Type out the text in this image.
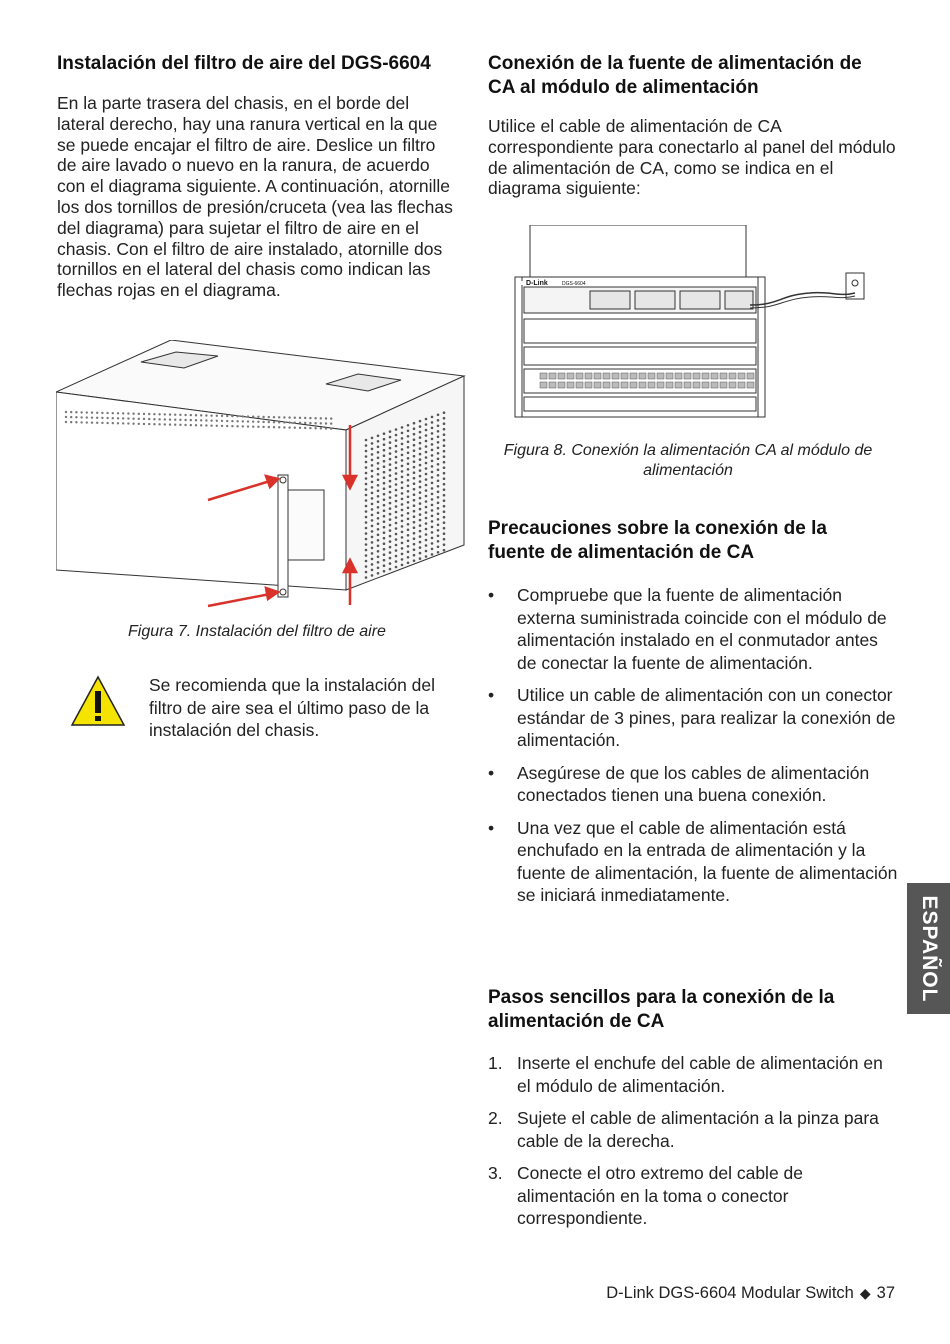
Instalación del filtro de aire del DGS-6604

En la parte trasera del chasis, en el borde del lateral derecho, hay una ranura vertical en la que se puede encajar el filtro de aire. Deslice un filtro de aire lavado o nuevo en la ranura, de acuerdo con el diagrama siguiente. A continuación, atornille los dos tornillos de presión/cruceta (vea las flechas del diagrama) para sujetar el filtro de aire en el chasis. Con el filtro de aire instalado, atornille dos tornillos en el lateral del chasis como indican las flechas rojas en el diagrama.

Figura 7. Instalación del filtro de aire

Se recomienda que la instalación del filtro de aire sea el último paso de la instalación del chasis.

Conexión de la fuente de alimentación de CA al módulo de alimentación

Utilice el cable de alimentación de CA correspondiente para conectarlo al panel del módulo de alimentación de CA, como se indica en el diagrama siguiente:

D-Link	DGS-6604
Figura 8. Conexión la alimentación CA al módulo de alimentación
Precauciones sobre la conexión de la fuente de alimentación de CA
• Compruebe que la fuente de alimentación externa suministrada coincide con el módulo de alimentación instalado en el conmutador antes de conectar la fuente de alimentación.
• Utilice un cable de alimentación con un conector estándar de 3 pines, para realizar la conexión de alimentación.
• Asegúrese de que los cables de alimentación conectados tienen una buena conexión.
• Una vez que el cable de alimentación está enchufado en la entrada de alimentación y la fuente de alimentación, la fuente de alimentación se iniciará inmediatamente.
Pasos sencillos para la conexión de la alimentación de CA
1. Inserte el enchufe del cable de alimentación en el módulo de alimentación.
2. Sujete el cable de alimentación a la pinza para cable de la derecha.
3. Conecte el otro extremo del cable de alimentación en la toma o conector correspondiente.
ESPAÑOL
D-Link DGS-6604 Modular Switch ◆ 37
